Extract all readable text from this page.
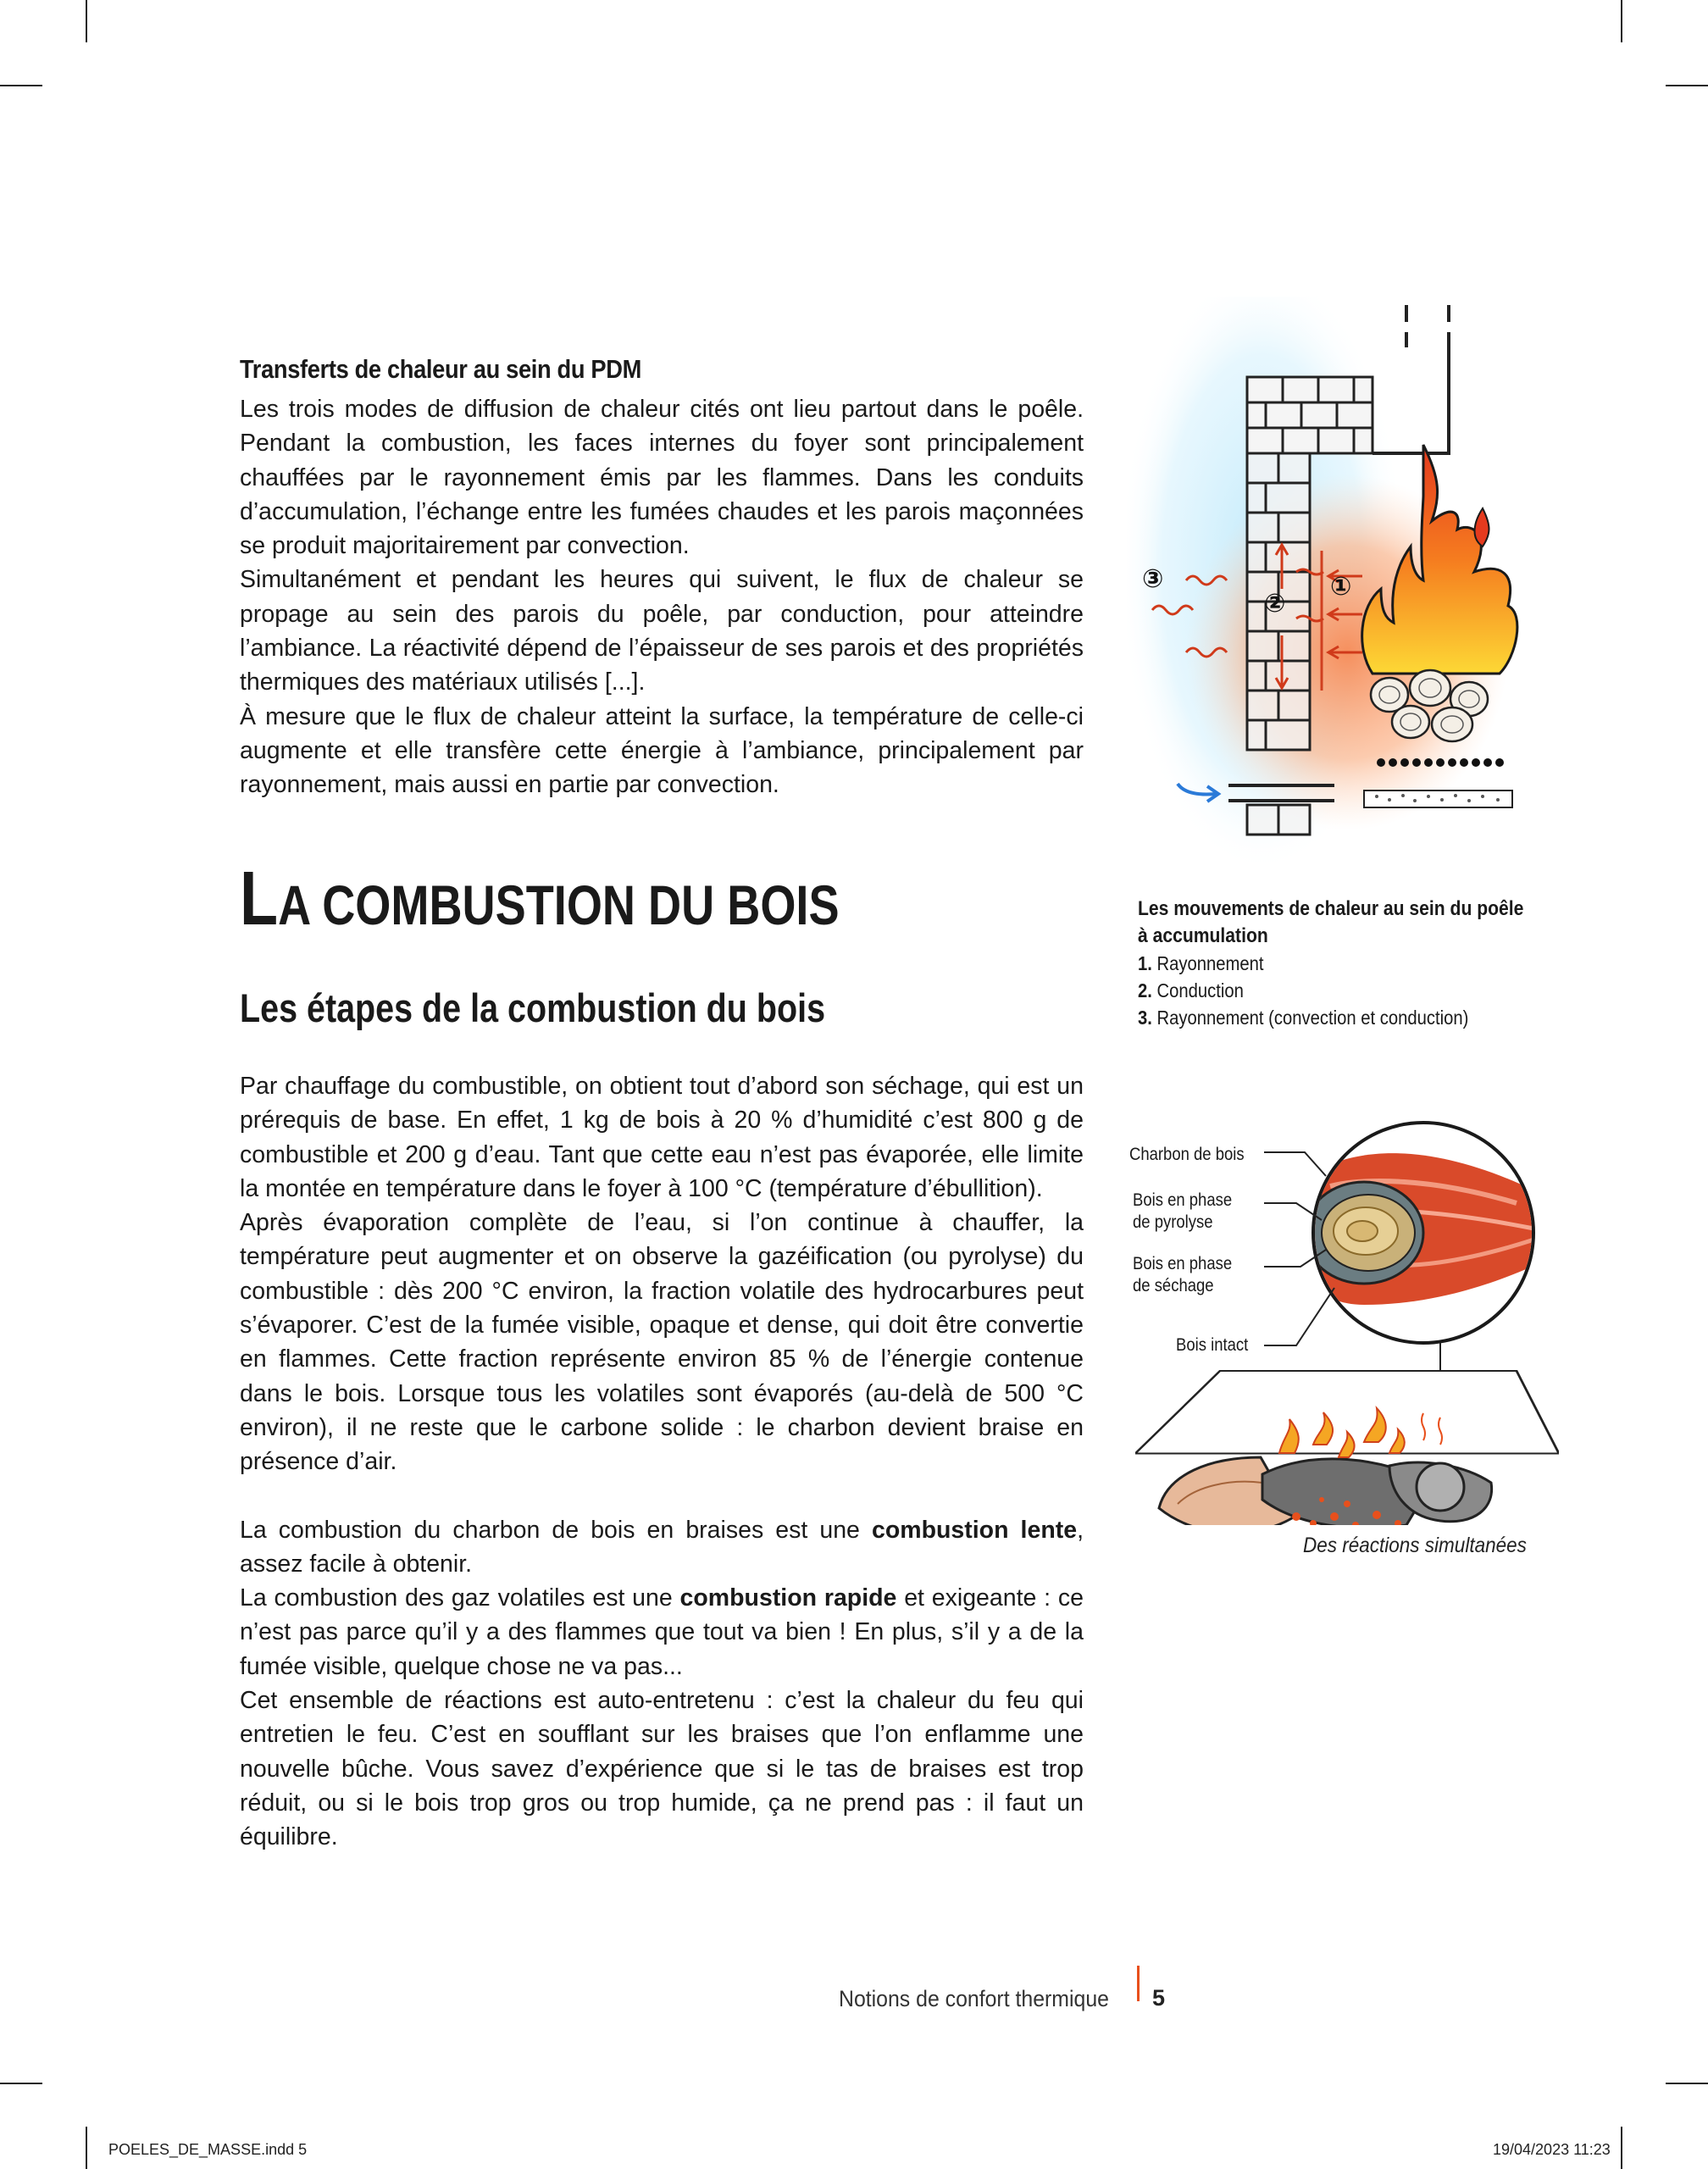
Transferts de chaleur au sein du PDM

Les trois modes de diffusion de chaleur cités ont lieu partout dans le poêle. Pendant la combustion, les faces internes du foyer sont principalement chauffées par le rayonnement émis par les flammes. Dans les conduits d’accumulation, l’échange entre les fumées chaudes et les parois maçonnées se produit majoritairement par convection.

Simultanément et pendant les heures qui suivent, le flux de chaleur se propage au sein des parois du poêle, par conduction, pour atteindre l’ambiance. La réactivité dépend de l’épaisseur de ses parois et des propriétés thermiques des matériaux utilisés [...].

À mesure que le flux de chaleur atteint la surface, la température de celle-ci augmente et elle transfère cette énergie à l’ambiance, principalement par rayonnement, mais aussi en partie par convection.

LA COMBUSTION DU BOIS
Les étapes de la combustion du bois

Par chauffage du combustible, on obtient tout d’abord son séchage, qui est un prérequis de base. En effet, 1 kg de bois à 20 % d’humidité c’est 800 g de combustible et 200 g d’eau. Tant que cette eau n’est pas évaporée, elle limite la montée en température dans le foyer à 100 °C (température d’ébullition).

Après évaporation complète de l’eau, si l’on continue à chauffer, la température peut augmenter et on observe la gazéification (ou pyrolyse) du combustible : dès 200 °C environ, la fraction volatile des hydrocarbures peut s’évaporer. C’est de la fumée visible, opaque et dense, qui doit être convertie en flammes. Cette fraction représente environ 85 % de l’énergie contenue dans le bois. Lorsque tous les volatiles sont évaporés (au-delà de 500 °C environ), il ne reste que le carbone solide : le charbon devient braise en présence d’air.

La combustion du charbon de bois en braises est une combustion lente, assez facile à obtenir.

La combustion des gaz volatiles est une combustion rapide et exigeante : ce n’est pas parce qu’il y a des flammes que tout va bien ! En plus, s’il y a de la fumée visible, quelque chose ne va pas...

Cet ensemble de réactions est auto-entretenu : c’est la chaleur du feu qui entretien le feu. C’est en soufflant sur les braises que l’on enflamme une nouvelle bûche. Vous savez d’expérience que si le tas de braises est trop réduit, ou si le bois trop gros ou trop humide, ça ne prend pas : il faut un équilibre.

③
②
①
Les mouvements de chaleur au sein du poêle
à accumulation
1. Rayonnement
2. Conduction
3. Rayonnement (convection et conduction)
Charbon de bois
Bois en phase
de pyrolyse
Bois en phase
de séchage
Bois intact
Des réactions simultanées
Notions de confort thermique 5
POELES_DE_MASSE.indd 5	19/04/2023 11:23
